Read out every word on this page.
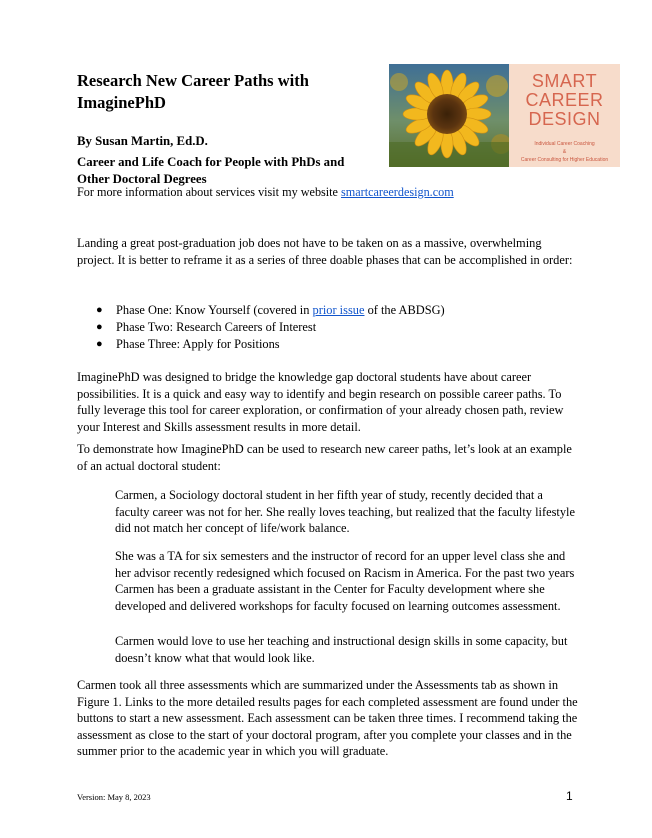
Research New Career Paths with
ImaginePhD
By Susan Martin, Ed.D.
Career and Life Coach for People with PhDs and
Other Doctoral Degrees
For more information about services visit my website smartcareerdesign.com
SMART
CAREER
DESIGN
Individual Career Coaching
&
Career Consulting for Higher Education

Landing a great post-graduation job does not have to be taken on as a massive, overwhelming project. It is better to reframe it as a series of three doable phases that can be accomplished in order:

●	Phase One: Know Yourself (covered in prior issue of the ABDSG)
●	Phase Two: Research Careers of Interest
●	Phase Three: Apply for Positions

ImaginePhD was designed to bridge the knowledge gap doctoral students have about career possibilities. It is a quick and easy way to identify and begin research on possible career paths. To fully leverage this tool for career exploration, or confirmation of your already chosen path, review your Interest and Skills assessment results in more detail.

To demonstrate how ImaginePhD can be used to research new career paths, let’s look at an example of an actual doctoral student:

Carmen, a Sociology doctoral student in her fifth year of study, recently decided that a faculty career was not for her. She really loves teaching, but realized that the faculty lifestyle did not match her concept of life/work balance.

She was a TA for six semesters and the instructor of record for an upper level class she and her advisor recently redesigned which focused on Racism in America. For the past two years Carmen has been a graduate assistant in the Center for Faculty development where she developed and delivered workshops for faculty focused on learning outcomes assessment.

Carmen would love to use her teaching and instructional design skills in some capacity, but doesn’t know what that would look like.

Carmen took all three assessments which are summarized under the Assessments tab as shown in Figure 1. Links to the more detailed results pages for each completed assessment are found under the buttons to start a new assessment. Each assessment can be taken three times. I recommend taking the assessment as close to the start of your doctoral program, after you complete your classes and in the summer prior to the academic year in which you will graduate.

Version: May 8, 2023	1
